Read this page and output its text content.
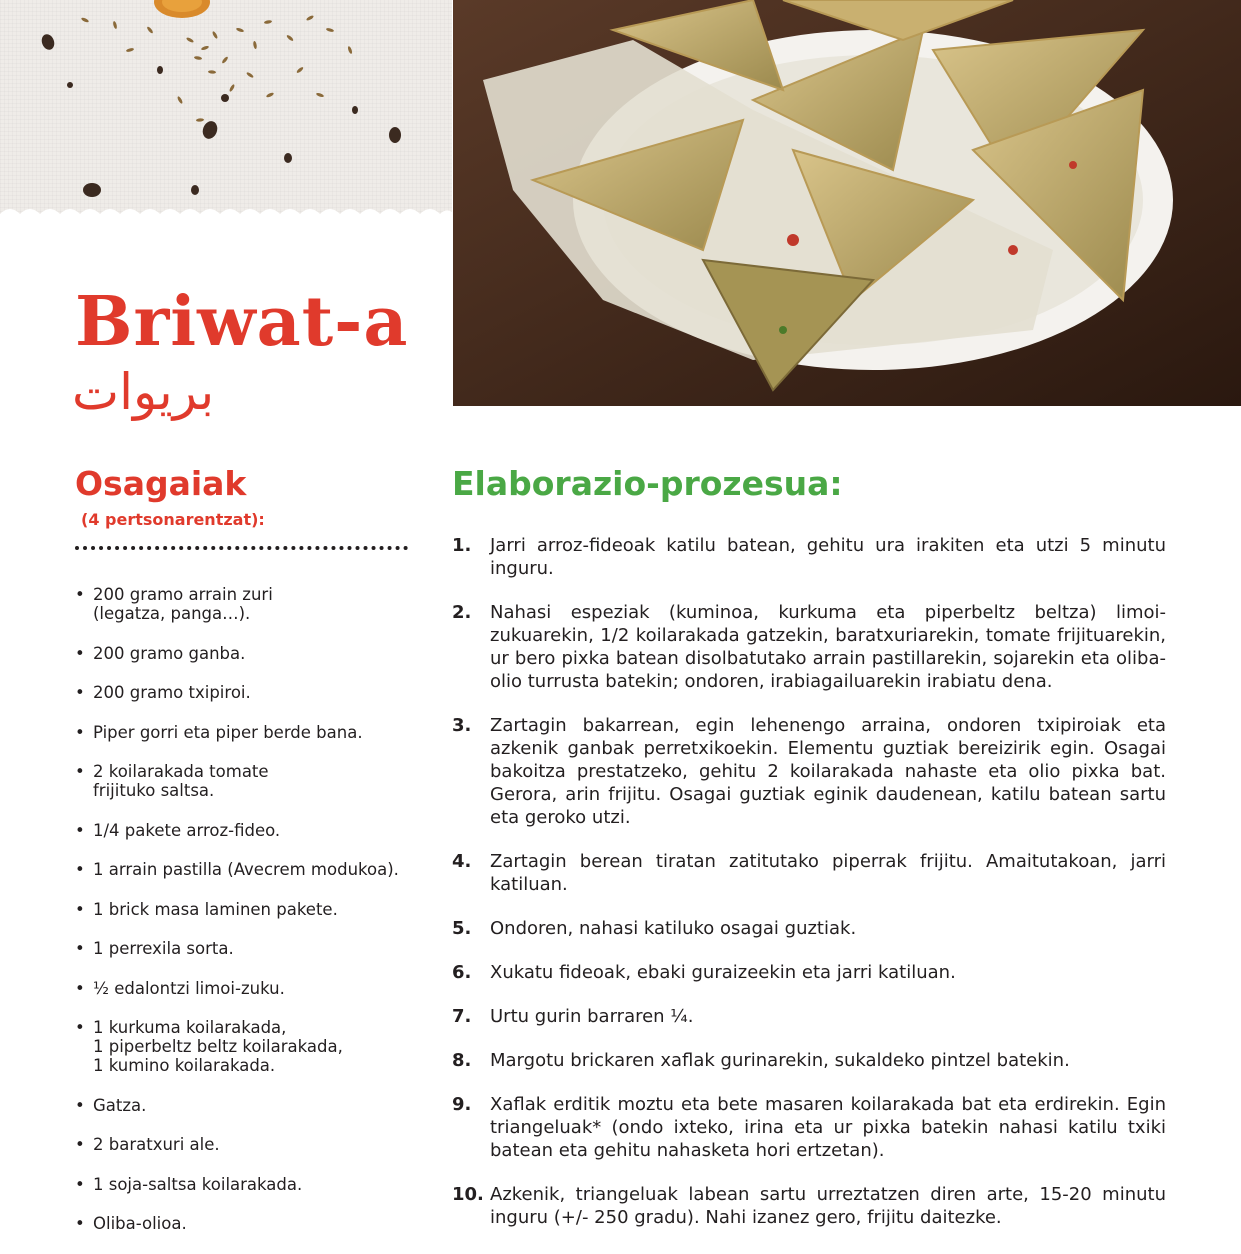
Briwat-a
بريوات
Osagaiak
(4 pertsonarentzat):
• 200 gramo arrain zuri
(legatza, panga…).
• 200 gramo ganba.
• 200 gramo txipiroi.
• Piper gorri eta piper berde bana.
• 2 koilarakada tomate
frijituko saltsa.
• 1/4 pakete arroz-fideo.
• 1 arrain pastilla (Avecrem modukoa).
• 1 brick masa laminen pakete.
• 1 perrexila sorta.
• ½ edalontzi limoi-zuku.
• 1 kurkuma koilarakada,
1 piperbeltz beltz koilarakada,
1 kumino koilarakada.
• Gatza.
• 2 baratxuri ale.
• 1 soja-saltsa koilarakada.
• Oliba-olioa.
Elaborazio-prozesua:
1.	Jarri arroz-fideoak katilu batean, gehitu ura irakiten eta utzi 5 minutu inguru.
2.	Nahasi espeziak (kuminoa, kurkuma eta piperbeltz beltza) limoi-zukuarekin, 1/2 koilarakada gatzekin, baratxuriarekin, tomate frijituarekin, ur bero pixka batean disolbatutako arrain pastillarekin, sojarekin eta oliba-olio turrusta batekin; ondoren, irabiagailuarekin irabiatu dena.
3.	Zartagin bakarrean, egin lehenengo arraina, ondoren txipiroiak eta azkenik ganbak perretxikoekin. Elementu guztiak bereizirik egin. Osagai bakoitza prestatzeko, gehitu 2 koilarakada nahaste eta olio pixka bat. Gerora, arin frijitu. Osagai guztiak eginik daudenean, katilu batean sartu eta geroko utzi.
4.	Zartagin berean tiratan zatitutako piperrak frijitu. Amaitutakoan, jarri katiluan.
5.	Ondoren, nahasi katiluko osagai guztiak.
6.	Xukatu fideoak, ebaki guraizeekin eta jarri katiluan.
7.	Urtu gurin barraren ¼.
8.	Margotu brickaren xaflak gurinarekin, sukaldeko pintzel batekin.
9.	Xaflak erditik moztu eta bete masaren koilarakada bat eta erdirekin. Egin triangeluak* (ondo ixteko, irina eta ur pixka batekin nahasi katilu txiki batean eta gehitu nahasketa hori ertzetan).
10. Azkenik, triangeluak labean sartu urreztatzen diren arte, 15-20 minutu inguru (+/- 250 gradu). Nahi izanez gero, frijitu daitezke.
